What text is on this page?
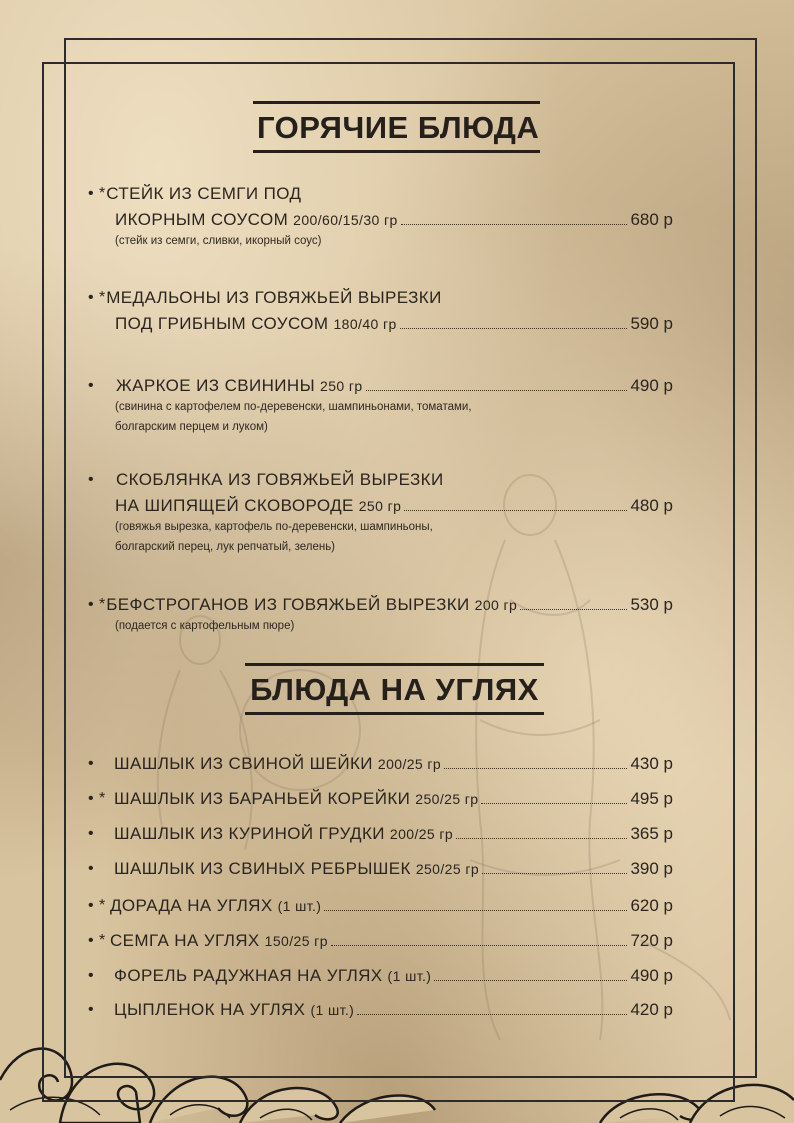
ГОРЯЧИЕ БЛЮДА
• * СТЕЙК ИЗ СЕМГИ ПОД
ИКОРНЫМ СОУСОМ 200/60/15/30 гр	680 р
(стейк из семги, сливки, икорный соус)
• * МЕДАЛЬОНЫ ИЗ ГОВЯЖЬЕЙ ВЫРЕЗКИ
ПОД ГРИБНЫМ СОУСОМ 180/40 гр	590 р
•	ЖАРКОЕ ИЗ СВИНИНЫ 250 гр	490 р
(свинина с картофелем по-деревенски, шампиньонами, томатами,
болгарским перцем и луком)
•	СКОБЛЯНКА ИЗ ГОВЯЖЬЕЙ ВЫРЕЗКИ
НА ШИПЯЩЕЙ СКОВОРОДЕ 250 гр	480 р
(говяжья вырезка, картофель по-деревенски, шампиньоны,
болгарский перец, лук репчатый, зелень)
• * БЕФСТРОГАНОВ ИЗ ГОВЯЖЬЕЙ ВЫРЕЗКИ 200 гр	530 р
(подается с картофельным пюре)
БЛЮДА НА УГЛЯХ
•	ШАШЛЫК ИЗ СВИНОЙ ШЕЙКИ 200/25 гр	430 р
• * ШАШЛЫК ИЗ БАРАНЬЕЙ КОРЕЙКИ 250/25 гр	495 р
•	ШАШЛЫК ИЗ КУРИНОЙ ГРУДКИ 200/25 гр	365 р
•	ШАШЛЫК ИЗ СВИНЫХ РЕБРЫШЕК 250/25 гр	390 р
• * ДОРАДА НА УГЛЯХ (1 шт.)	620 р
• * СЕМГА НА УГЛЯХ 150/25 гр	720 р
•	ФОРЕЛЬ РАДУЖНАЯ НА УГЛЯХ (1 шт.)	490 р
•	ЦЫПЛЕНОК НА УГЛЯХ (1 шт.)	420 р
